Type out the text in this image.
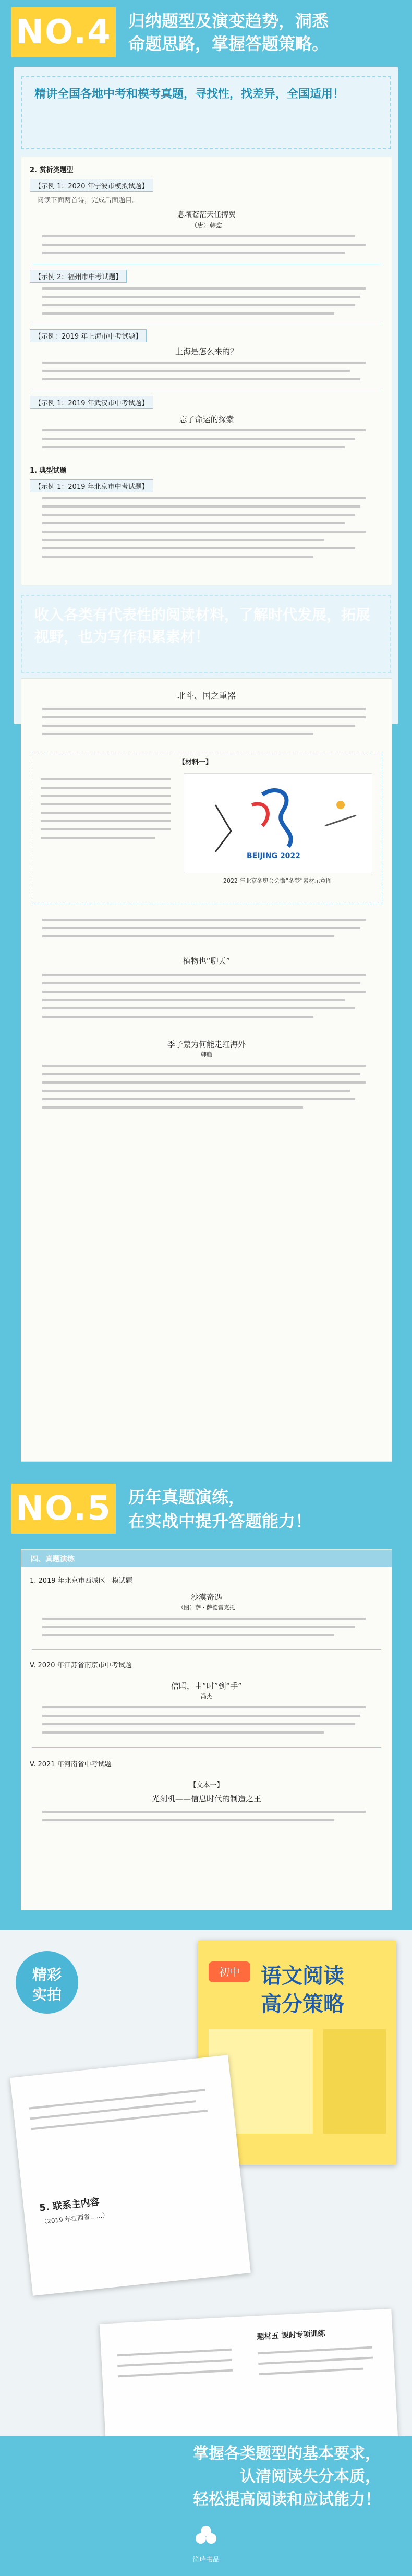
NO.4 归纳题型及演变趋势，洞悉
命题思路，掌握答题策略。
精讲全国各地中考和模考真题，寻找性，找差异，全国适用！
2. 赏析类题型
【示例 1：2020 年宁波市模拟试题】
阅读下面两首诗，完成后面题目。
息壤苍茫天任搏翼
（唐）韩愈
【示例 2：福州市中考试题】
【示例：2019 年上海市中考试题】
上海是怎么来的？
【示例 1：2019 年武汉市中考试题】
忘了命运的探索
1. 典型试题
【示例 1：2019 年北京市中考试题】
收入各类有代表性的阅读材料，了解时代发展，拓展视野，也为写作积累素材！
北斗、国之重器
【材料一】
BEIJING 2022
2022 年北京冬奥会会徽“冬梦”素材示意图
植物也“聊天”
季子蒙为何能走红海外
韩瞻
NO.5 历年真题演练，
在实战中提升答题能力！
四、真题演练
1. 2019 年北京市西城区一模试题
沙漠奇遇
（图）萨 · 萨德雷克托
V. 2020 年江苏省南京市中考试题
信吗，由“吋”到“手”
冯杰
V. 2021 年河南省中考试题
【文本一】
光刻机——信息时代的制造之王
精彩
实拍
初中	语文阅读
高分策略
5. 联系主内容
（2019 年江西省……）
题材五 课时专项训练
掌握各类题型的基本要求，
认清阅读失分本质，
轻松提高阅读和应试能力！
简瑞书品
